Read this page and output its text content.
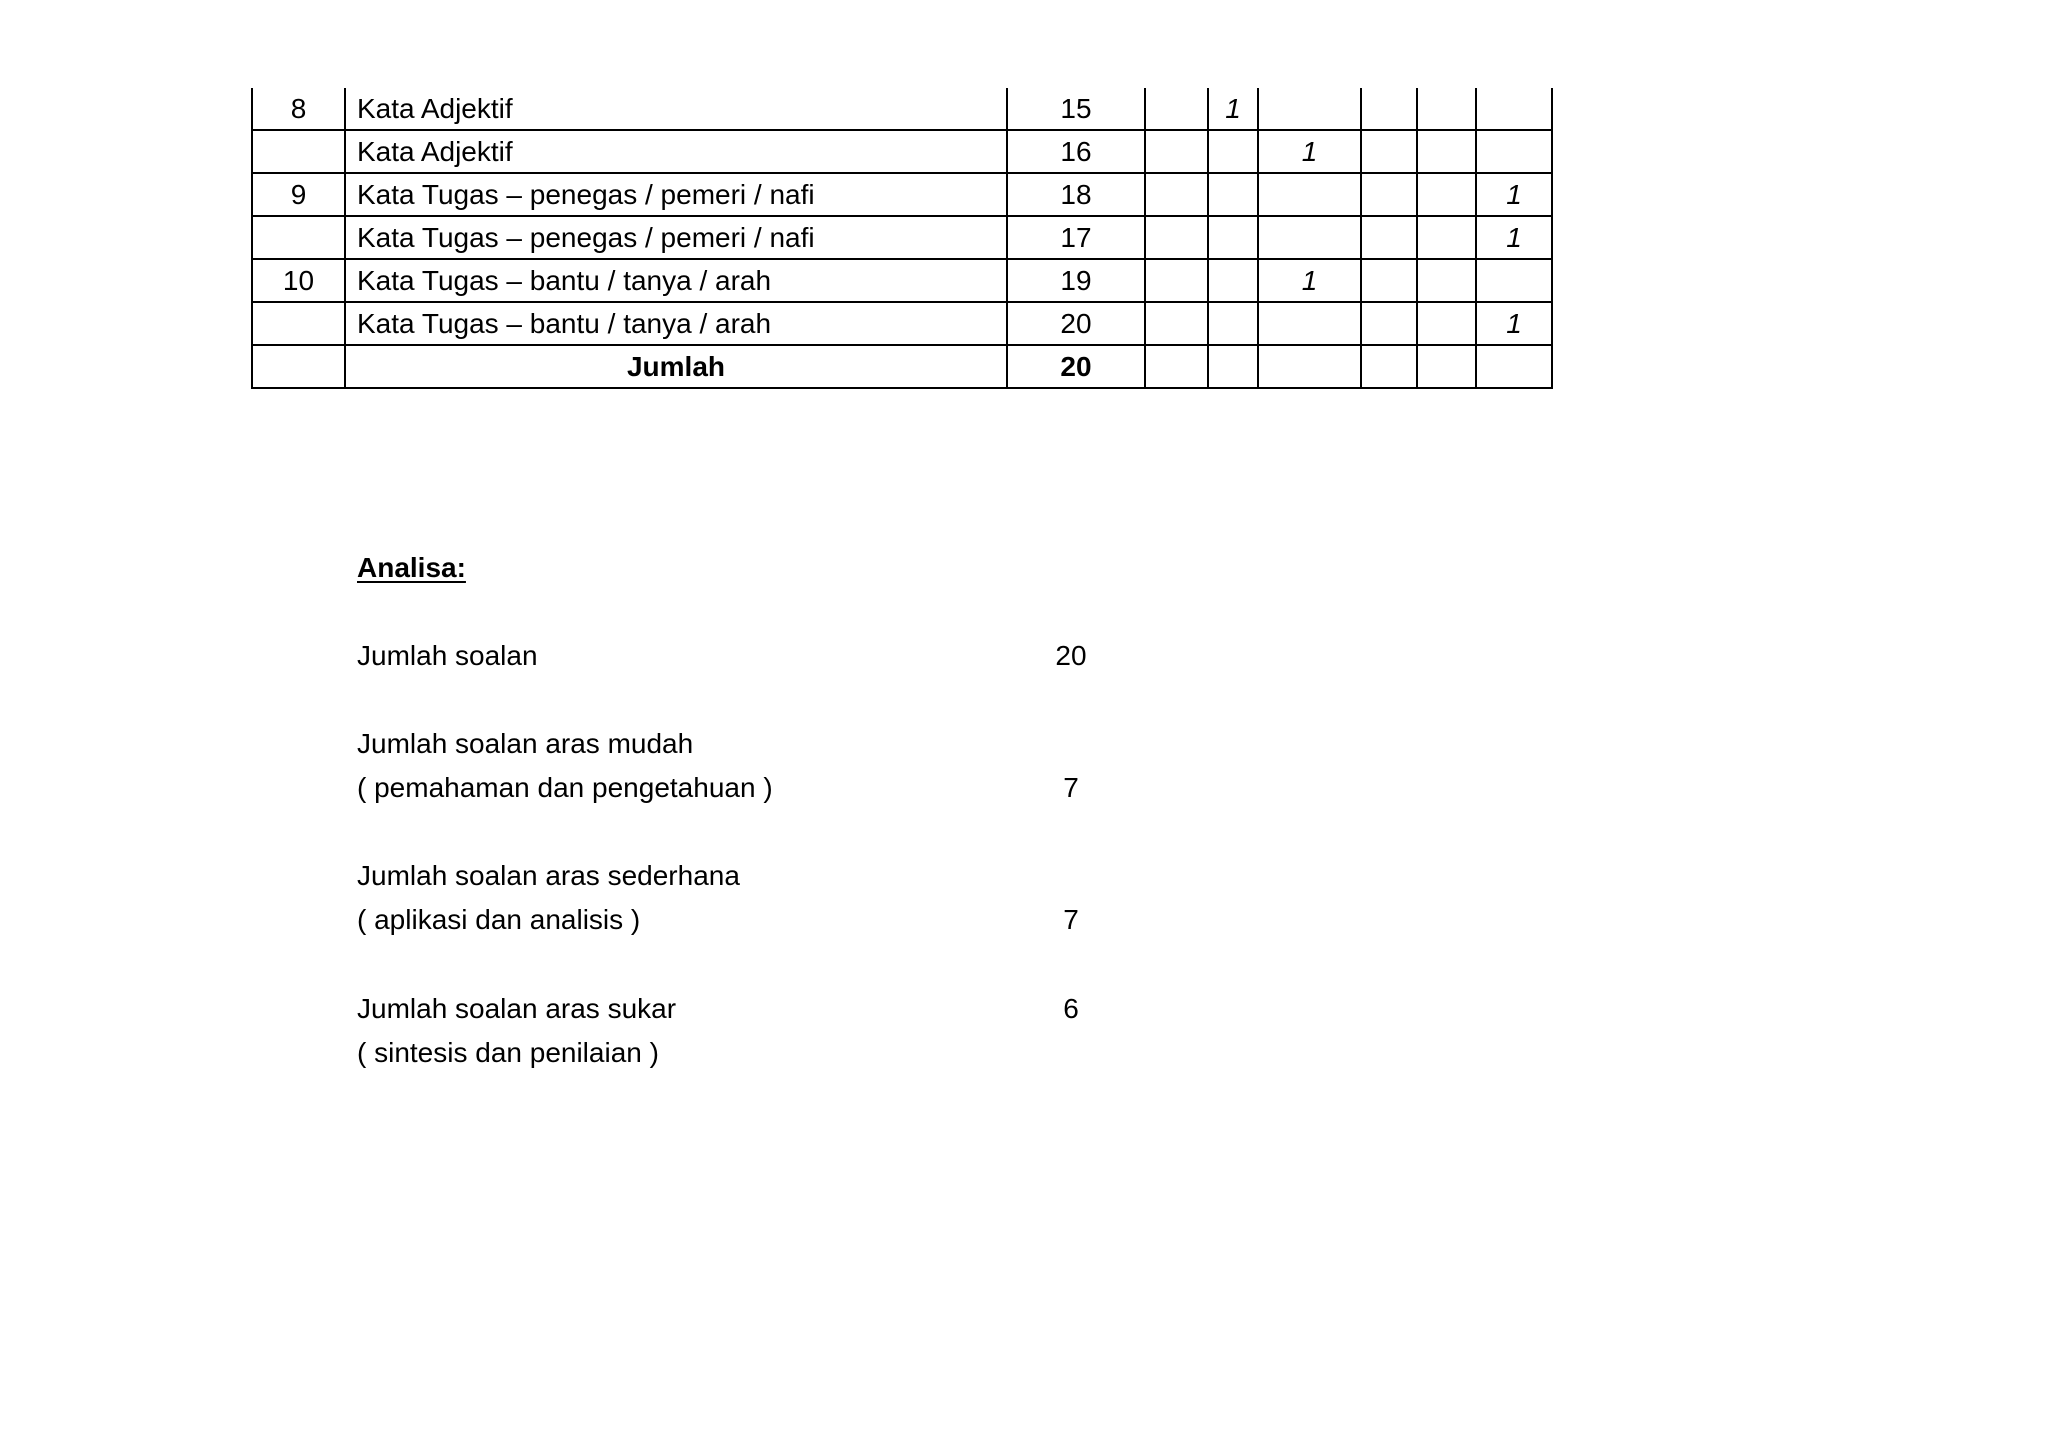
8	Kata Adjektif	15		1				
	Kata Adjektif	16			1			
9	Kata Tugas – penegas / pemeri / nafi	18						1
	Kata Tugas – penegas / pemeri / nafi	17						1
10	Kata Tugas – bantu / tanya / arah	19			1			
	Kata Tugas – bantu / tanya / arah	20						1
	Jumlah	20						
Analisa:
Jumlah soalan	20
Jumlah soalan aras mudah
( pemahaman dan pengetahuan )	7
Jumlah soalan aras sederhana
( aplikasi dan analisis )	7
Jumlah soalan aras sukar	6
( sintesis dan penilaian )
